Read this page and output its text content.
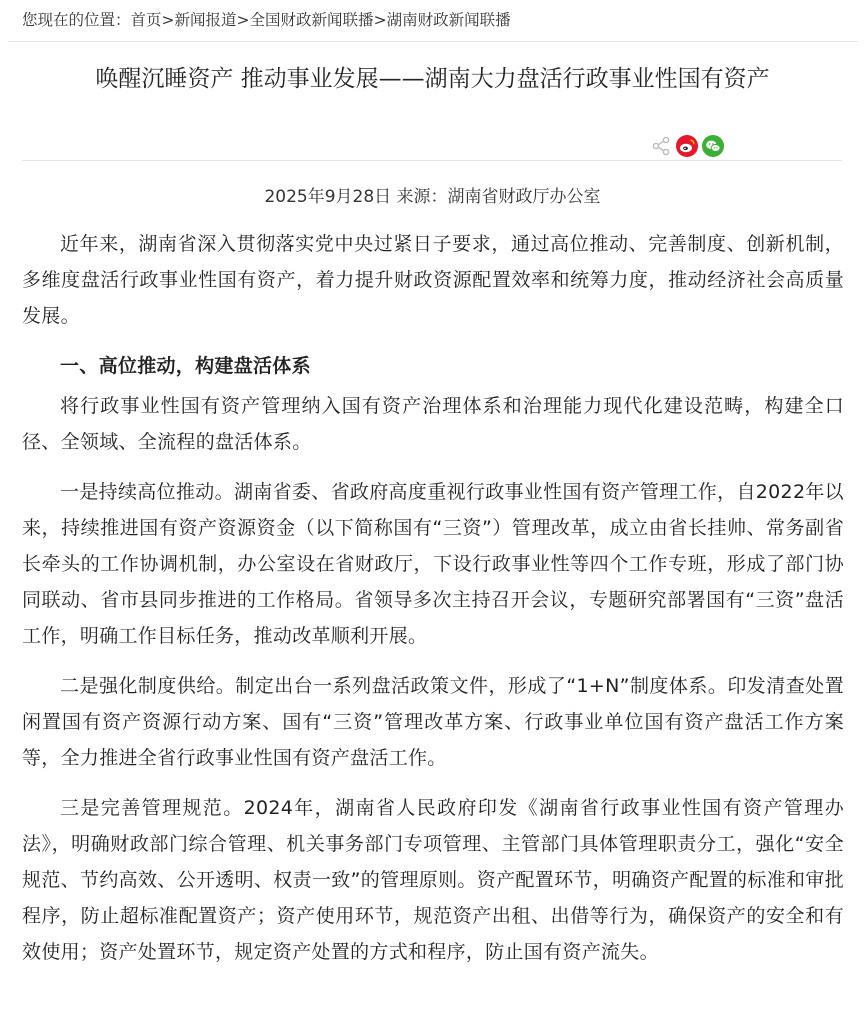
您现在的位置：首页>新闻报道>全国财政新闻联播>湖南财政新闻联播
唤醒沉睡资产 推动事业发展——湖南大力盘活行政事业性国有资产
2025年9月28日 来源：湖南省财政厅办公室

近年来，湖南省深入贯彻落实党中央过紧日子要求，通过高位推动、完善制度、创新机制，多维度盘活行政事业性国有资产，着力提升财政资源配置效率和统筹力度，推动经济社会高质量发展。

一、高位推动，构建盘活体系

将行政事业性国有资产管理纳入国有资产治理体系和治理能力现代化建设范畴，构建全口径、全领域、全流程的盘活体系。

一是持续高位推动。湖南省委、省政府高度重视行政事业性国有资产管理工作，自2022年以来，持续推进国有资产资源资金（以下简称国有“三资”）管理改革，成立由省长挂帅、常务副省长牵头的工作协调机制，办公室设在省财政厅，下设行政事业性等四个工作专班，形成了部门协同联动、省市县同步推进的工作格局。省领导多次主持召开会议，专题研究部署国有“三资”盘活工作，明确工作目标任务，推动改革顺利开展。

二是强化制度供给。制定出台一系列盘活政策文件，形成了“1+N”制度体系。印发清查处置闲置国有资产资源行动方案、国有“三资”管理改革方案、行政事业单位国有资产盘活工作方案等，全力推进全省行政事业性国有资产盘活工作。

三是完善管理规范。2024年，湖南省人民政府印发《湖南省行政事业性国有资产管理办法》，明确财政部门综合管理、机关事务部门专项管理、主管部门具体管理职责分工，强化“安全规范、节约高效、公开透明、权责一致”的管理原则。资产配置环节，明确资产配置的标准和审批程序，防止超标准配置资产；资产使用环节，规范资产出租、出借等行为，确保资产的安全和有效使用；资产处置环节，规定资产处置的方式和程序，防止国有资产流失。
